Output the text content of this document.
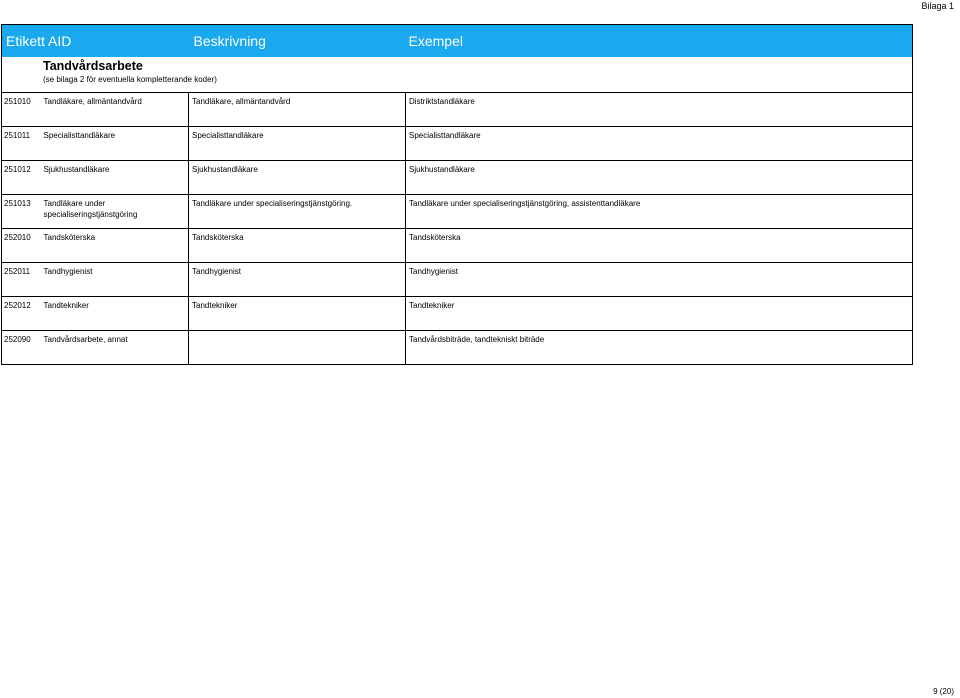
Bilaga 1
Etikett AID		Beskrivning	Exempel

Tandvårdsarbete
(se bilaga 2 för eventuella kompletterande koder)			

251010	Tandläkare, allmäntandvård	Tandläkare, allmäntandvård	Distriktstandläkare
251011	Specialisttandläkare	Specialisttandläkare	Specialisttandläkare
251012	Sjukhustandläkare	Sjukhustandläkare	Sjukhustandläkare
251013	Tandläkare under specialiseringstjänstgöring	Tandläkare under specialiseringstjänstgöring.	Tandläkare under specialiseringstjänstgöring, assistenttandläkare
252010	Tandsköterska	Tandsköterska	Tandsköterska
252011	Tandhygienist	Tandhygienist	Tandhygienist
252012	Tandtekniker	Tandtekniker	Tandtekniker
252090	Tandvårdsarbete, annat		Tandvårdsbiträde, tandtekniskt biträde
9 (20)
